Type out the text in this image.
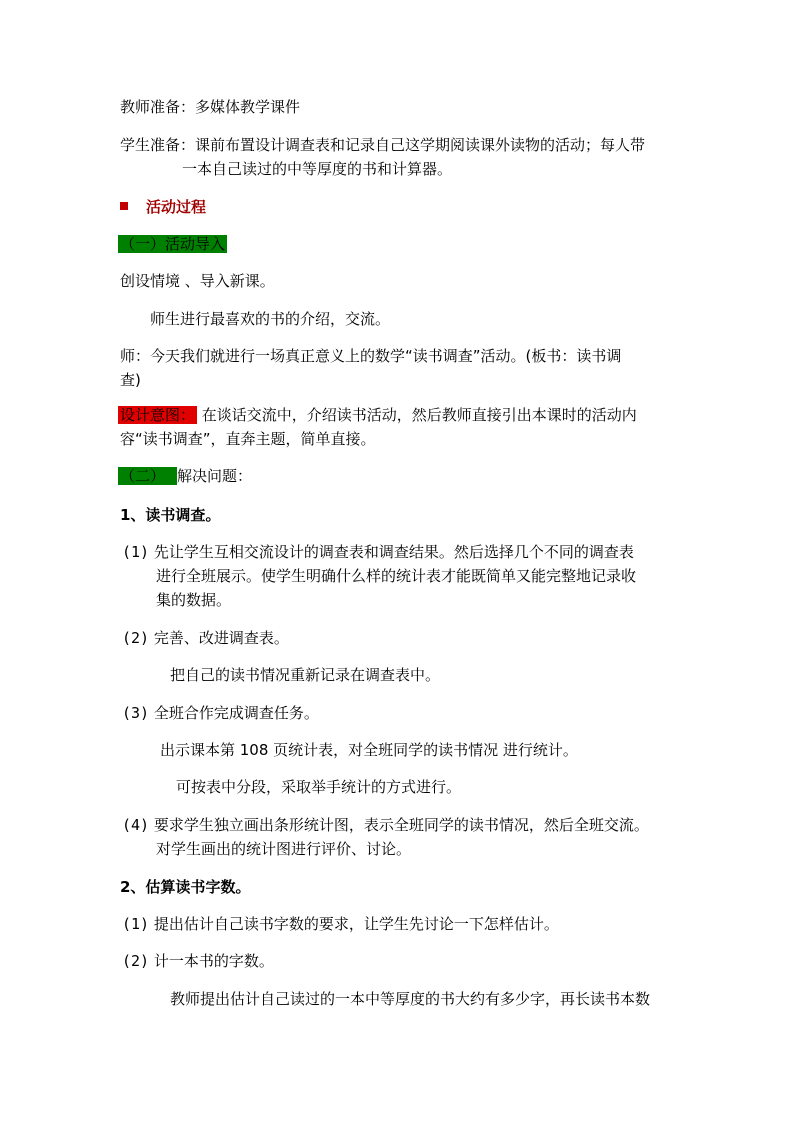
教师准备：多媒体教学课件
学生准备：课前布置设计调查表和记录自己这学期阅读课外读物的活动；每人带
一本自己读过的中等厚度的书和计算器。
活动过程
（一）活动导入
创设情境 、导入新课。
师生进行最喜欢的书的介绍，交流。
师：今天我们就进行一场真正意义上的数学“读书调查”活动。(板书：读书调
查)
设计意图： 在谈话交流中，介绍读书活动，然后教师直接引出本课时的活动内
容“读书调查”，直奔主题，简单直接。
（二） 解决问题：
1、读书调查。
(1) 先让学生互相交流设计的调查表和调查结果。然后选择几个不同的调查表
进行全班展示。使学生明确什么样的统计表才能既简单又能完整地记录收
集的数据。
(2) 完善、改进调查表。
把自己的读书情况重新记录在调查表中。
(3) 全班合作完成调查任务。
出示课本第 108 页统计表，对全班同学的读书情况 进行统计。
可按表中分段，采取举手统计的方式进行。
(4) 要求学生独立画出条形统计图，表示全班同学的读书情况，然后全班交流。
对学生画出的统计图进行评价、讨论。
2、估算读书字数。
(1) 提出估计自己读书字数的要求，让学生先讨论一下怎样估计。
(2) 计一本书的字数。
教师提出估计自己读过的一本中等厚度的书大约有多少字，再长读书本数
